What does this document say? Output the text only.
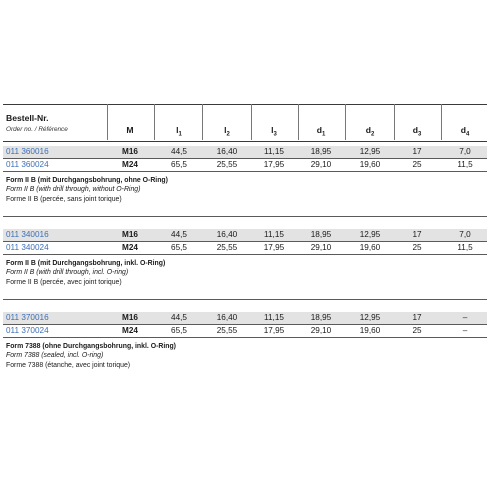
Bestell-Nr.
Order no. / Référence	M	$l_1$	$l_2$	$l_3$	$d_1$	$d_2$	$d_3$	$d_4$
011 360016	M16	44,5	16,40	11,15	18,95	12,95	17	7,0
011 360024	M24	65,5	25,55	17,95	29,10	19,60	25	11,5
Form II B (mit Durchgangsbohrung, ohne O-Ring)
Form II B (with drill through, without O-Ring)
Forme II B (percée, sans joint torique)
011 340016	M16	44,5	16,40	11,15	18,95	12,95	17	7,0
011 340024	M24	65,5	25,55	17,95	29,10	19,60	25	11,5
Form II B (mit Durchgangsbohrung, inkl. O-Ring)
Form II B (with drill through, incl. O-ring)
Forme II B (percée, avec joint torique)
011 370016	M16	44,5	16,40	11,15	18,95	12,95	17	–
011 370024	M24	65,5	25,55	17,95	29,10	19,60	25	–
Form 7388 (ohne Durchgangsbohrung, inkl. O-Ring)
Form 7388 (sealed, incl. O-ring)
Forme 7388 (étanche, avec joint torique)
